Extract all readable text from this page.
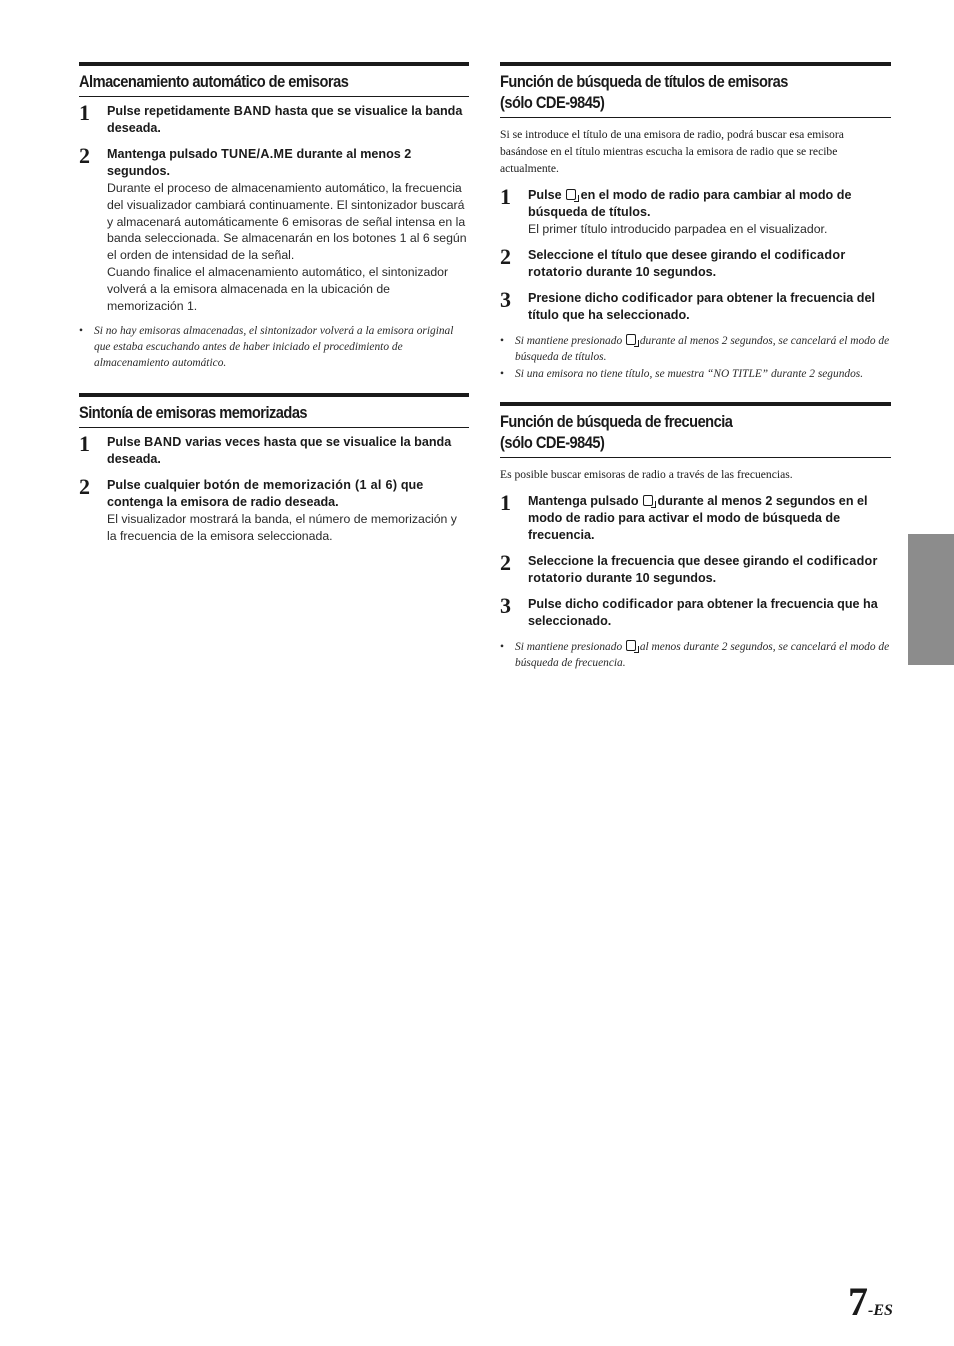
Almacenamiento automático de emisoras
1	Pulse repetidamente BAND hasta que se visualice la banda deseada.
2	Mantenga pulsado TUNE/A.ME durante al menos 2 segundos.
Durante el proceso de almacenamiento automático, la frecuencia del visualizador cambiará continuamente. El sintonizador buscará y almacenará automáticamente 6 emisoras de señal intensa en la banda seleccionada. Se almacenarán en los botones 1 al 6 según el orden de intensidad de la señal.
Cuando finalice el almacenamiento automático, el sintonizador volverá a la emisora almacenada en la ubicación de memorización 1.
• Si no hay emisoras almacenadas, el sintonizador volverá a la emisora original que estaba escuchando antes de haber iniciado el procedimiento de almacenamiento automático.
Sintonía de emisoras memorizadas
1	Pulse BAND varias veces hasta que se visualice la banda deseada.
2	Pulse cualquier botón de memorización (1 al 6) que contenga la emisora de radio deseada.
El visualizador mostrará la banda, el número de memorización y la frecuencia de la emisora seleccionada.
Función de búsqueda de títulos de emisoras
(sólo CDE-9845)
Si se introduce el título de una emisora de radio, podrá buscar esa emisora basándose en el título mientras escucha la emisora de radio que se recibe actualmente.
1	Pulse  en el modo de radio para cambiar al modo de búsqueda de títulos.
El primer título introducido parpadea en el visualizador.
2	Seleccione el título que desee girando el codificador rotatorio durante 10 segundos.
3	Presione dicho codificador para obtener la frecuencia del título que ha seleccionado.
• Si mantiene presionado  durante al menos 2 segundos, se cancelará el modo de búsqueda de títulos.
• Si una emisora no tiene título, se muestra “NO TITLE” durante 2 segundos.
Función de búsqueda de frecuencia
(sólo CDE-9845)
Es posible buscar emisoras de radio a través de las frecuencias.
1	Mantenga pulsado  durante al menos 2 segundos en el modo de radio para activar el modo de búsqueda de frecuencia.
2	Seleccione la frecuencia que desee girando el codificador rotatorio durante 10 segundos.
3	Pulse dicho codificador para obtener la frecuencia que ha seleccionado.
• Si mantiene presionado  al menos durante 2 segundos, se cancelará el modo de búsqueda de frecuencia.
7-ES
